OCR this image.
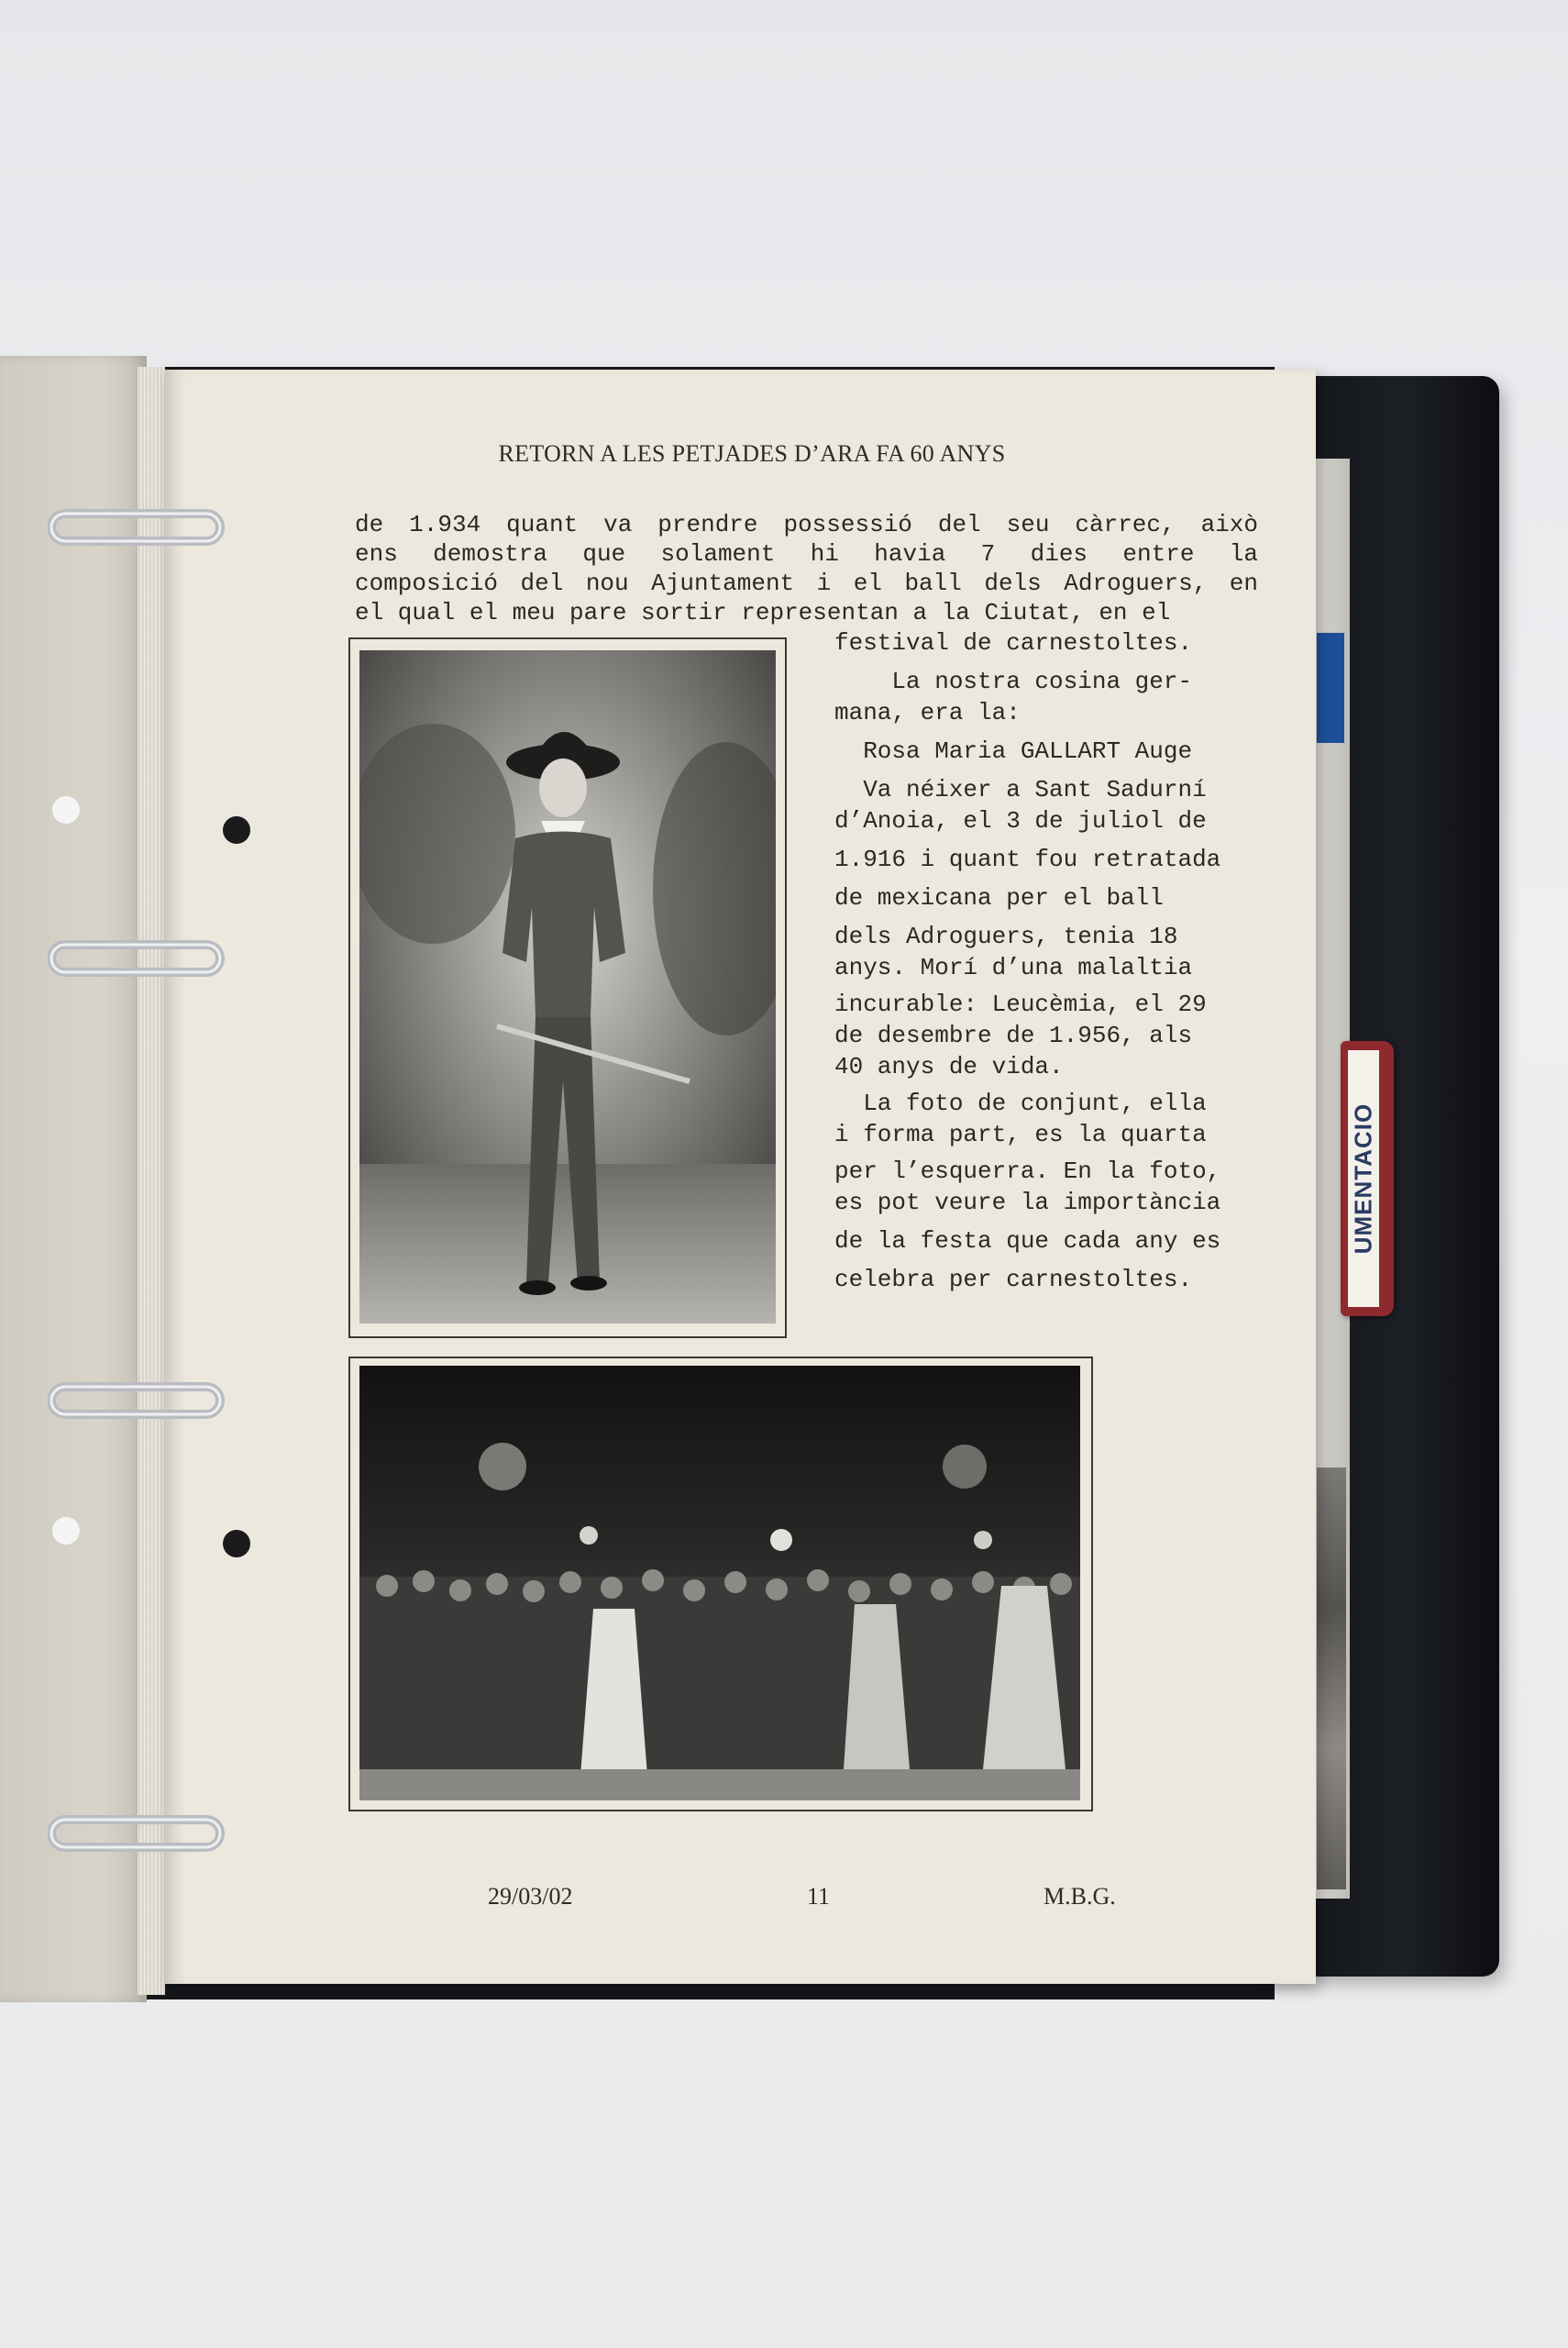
UMENTACIO
RETORN A LES PETJADES D’ARA FA 60 ANYS

de 1.934 quant va prendre possessió del seu càrrec, això

ens demostra que solament hi havia 7 dies entre la

composició del nou Ajuntament i el ball dels Adroguers, en

el qual el meu pare sortir representan a la Ciutat, en el

festival de carnestoltes.

La nostra cosina ger-

mana, era la:

Rosa Maria GALLART Auge

Va néixer a Sant Sadurní

d’Anoia, el 3 de juliol de

1.916 i quant fou retratada

de mexicana per el ball

dels Adroguers, tenia 18

anys. Morí d’una malaltia

incurable: Leucèmia, el 29

de desembre de 1.956, als

40 anys de vida.

La foto de conjunt, ella

i forma part, es la quarta

per l’esquerra. En la foto,

es pot veure la importància

de la festa que cada any es

celebra per carnestoltes.

29/03/02	11	M.B.G.
